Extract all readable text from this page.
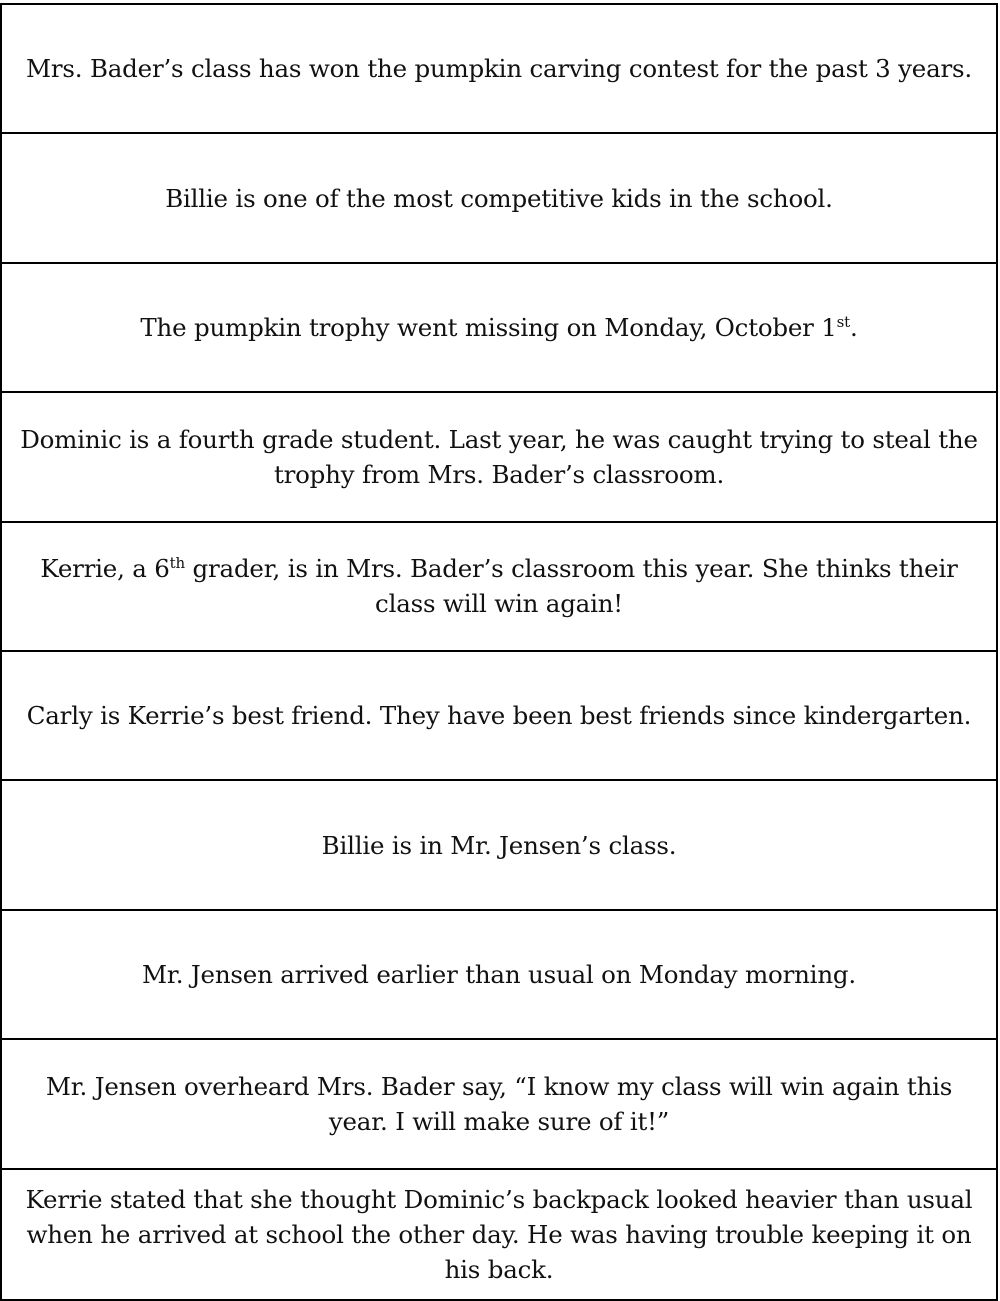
Mrs. Bader’s class has won the pumpkin carving contest for the past 3 years.
Billie is one of the most competitive kids in the school.
The pumpkin trophy went missing on Monday, October 1st.
Dominic is a fourth grade student. Last year, he was caught trying to steal the trophy from Mrs. Bader’s classroom.
Kerrie, a 6th grader, is in Mrs. Bader’s classroom this year. She thinks their class will win again!
Carly is Kerrie’s best friend. They have been best friends since kindergarten.
Billie is in Mr. Jensen’s class.
Mr. Jensen arrived earlier than usual on Monday morning.
Mr. Jensen overheard Mrs. Bader say, “I know my class will win again this year. I will make sure of it!”
Kerrie stated that she thought Dominic’s backpack looked heavier than usual when he arrived at school the other day. He was having trouble keeping it on his back.
